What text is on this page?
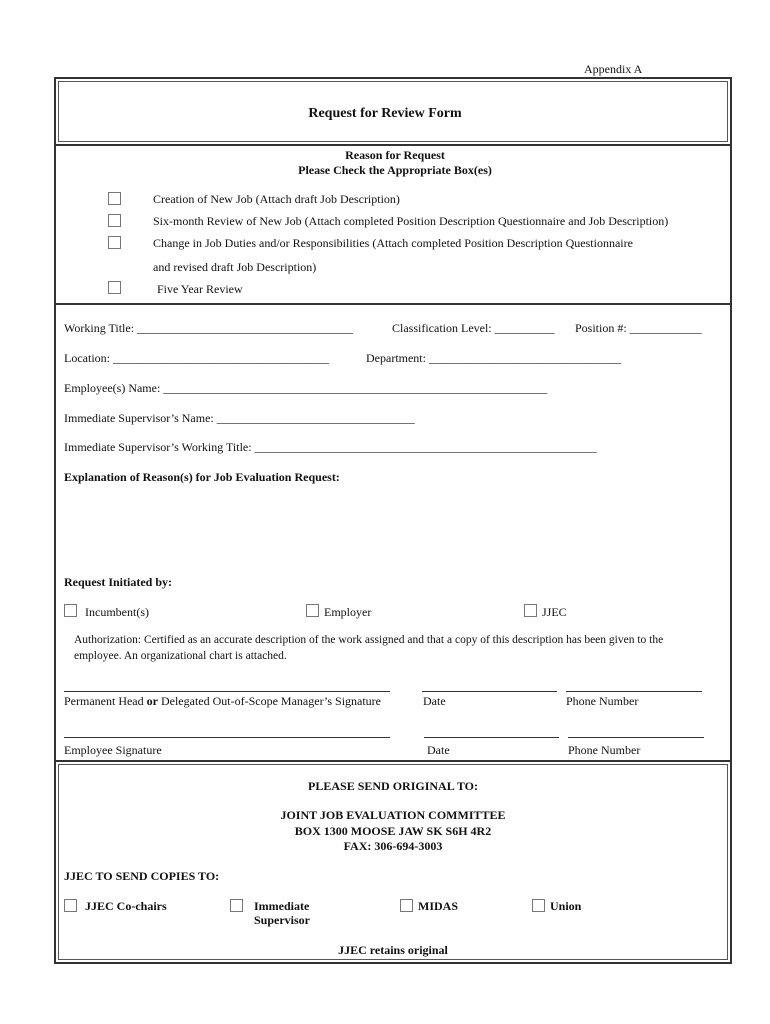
Appendix A
Request for Review Form
Reason for Request
Please Check the Appropriate Box(es)
Creation of New Job (Attach draft Job Description)
Six-month Review of New Job (Attach completed Position Description Questionnaire and Job Description)
Change in Job Duties and/or Responsibilities (Attach completed Position Description Questionnaire
and revised draft Job Description)
Five Year Review
Working Title: ____________________________________	Classification Level: __________ Position #: ____________
Location: ____________________________________	Department: ________________________________
Employee(s) Name: ________________________________________________________________
Immediate Supervisor’s Name: _________________________________
Immediate Supervisor’s Working Title: _________________________________________________________
Explanation of Reason(s) for Job Evaluation Request:
Request Initiated by:
Incumbent(s)	Employer	JJEC
Authorization: Certified as an accurate description of the work assigned and that a copy of this description has been given to the
employee. An organizational chart is attached.
Permanent Head or Delegated Out-of-Scope Manager’s Signature	Date	Phone Number
Employee Signature	Date	Phone Number
PLEASE SEND ORIGINAL TO:
JOINT JOB EVALUATION COMMITTEE
BOX 1300 MOOSE JAW SK S6H 4R2
FAX: 306-694-3003
JJEC TO SEND COPIES TO:
JJEC Co-chairs	Immediate
Supervisor
MIDAS	Union
JJEC retains original
